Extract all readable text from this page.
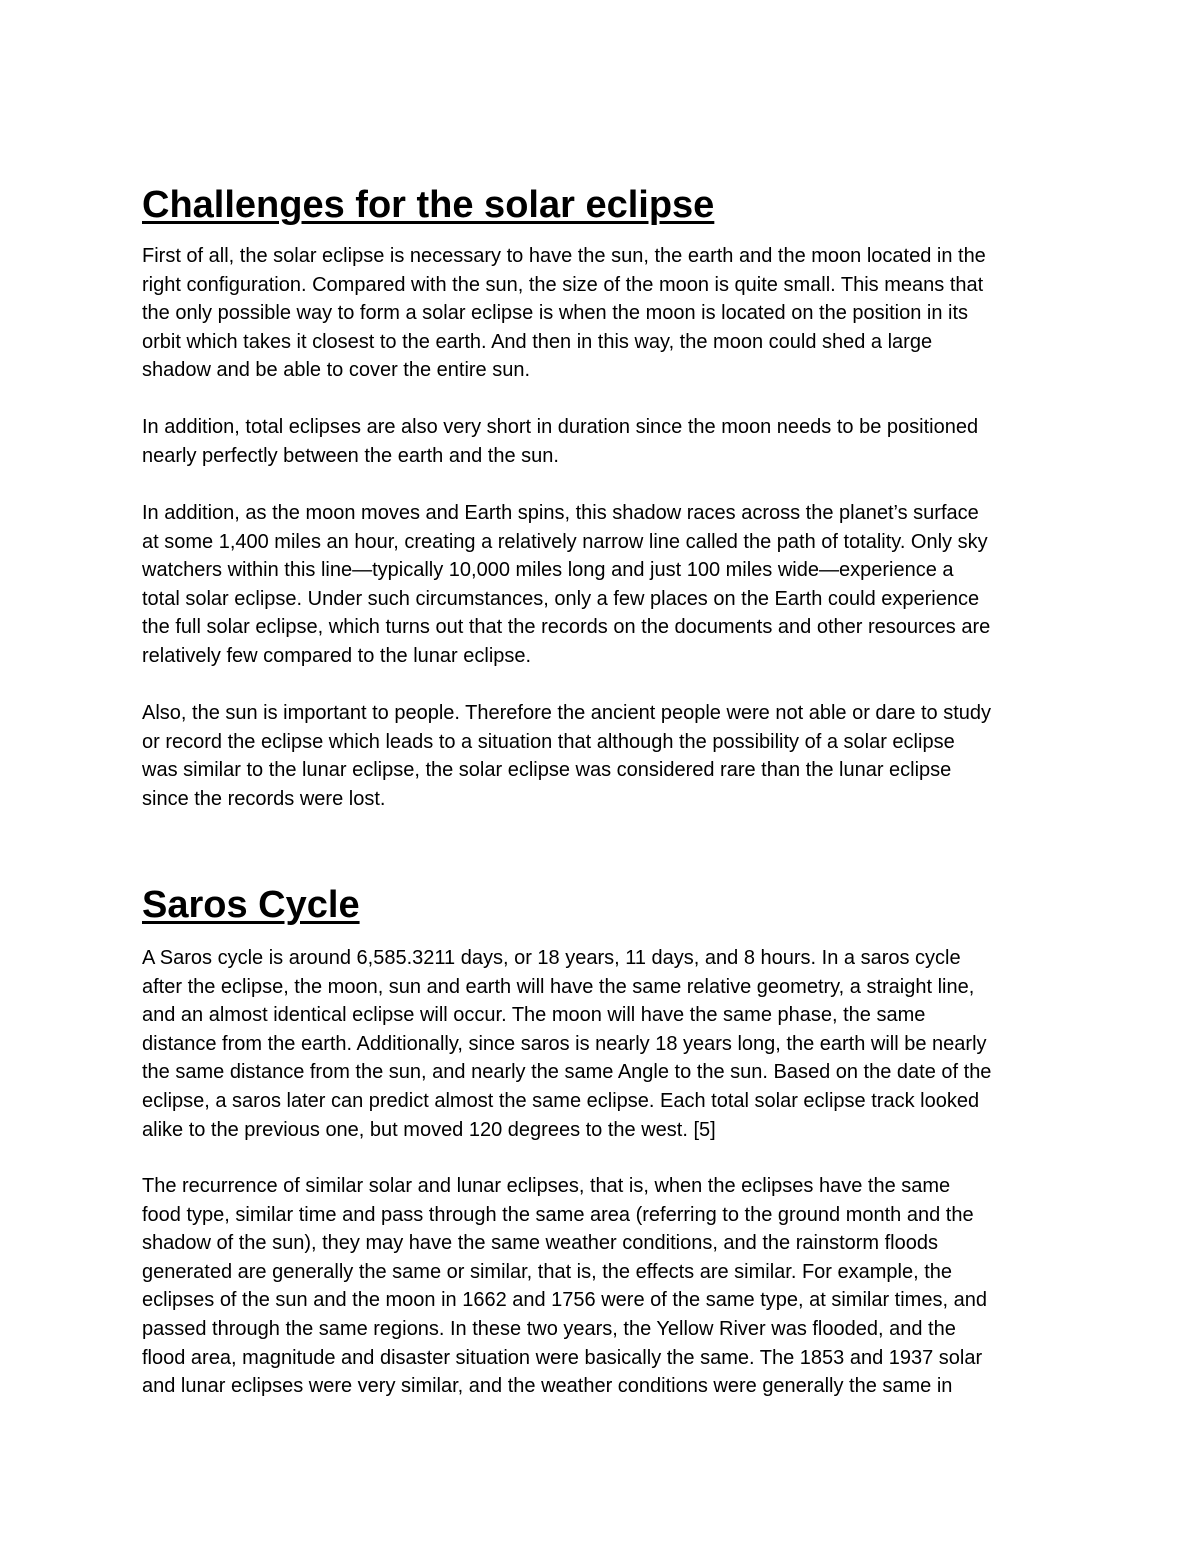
Challenges for the solar eclipse

First of all, the solar eclipse is necessary to have the sun, the earth and the moon located in the
right configuration. Compared with the sun, the size of the moon is quite small. This means that
the only possible way to form a solar eclipse is when the moon is located on the position in its
orbit which takes it closest to the earth. And then in this way, the moon could shed a large
shadow and be able to cover the entire sun.

In addition, total eclipses are also very short in duration since the moon needs to be positioned
nearly perfectly between the earth and the sun.

In addition, as the moon moves and Earth spins, this shadow races across the planet’s surface
at some 1,400 miles an hour, creating a relatively narrow line called the path of totality. Only sky
watchers within this line—typically 10,000 miles long and just 100 miles wide—experience a
total solar eclipse. Under such circumstances, only a few places on the Earth could experience
the full solar eclipse, which turns out that the records on the documents and other resources are
relatively few compared to the lunar eclipse.

Also, the sun is important to people. Therefore the ancient people were not able or dare to study
or record the eclipse which leads to a situation that although the possibility of a solar eclipse
was similar to the lunar eclipse, the solar eclipse was considered rare than the lunar eclipse
since the records were lost.

Saros Cycle

A Saros cycle is around 6,585.3211 days, or 18 years, 11 days, and 8 hours. In a saros cycle
after the eclipse, the moon, sun and earth will have the same relative geometry, a straight line,
and an almost identical eclipse will occur. The moon will have the same phase, the same
distance from the earth. Additionally, since saros is nearly 18 years long, the earth will be nearly
the same distance from the sun, and nearly the same Angle to the sun. Based on the date of the
eclipse, a saros later can predict almost the same eclipse. Each total solar eclipse track looked
alike to the previous one, but moved 120 degrees to the west. [5]

The recurrence of similar solar and lunar eclipses, that is, when the eclipses have the same
food type, similar time and pass through the same area (referring to the ground month and the
shadow of the sun), they may have the same weather conditions, and the rainstorm floods
generated are generally the same or similar, that is, the effects are similar. For example, the
eclipses of the sun and the moon in 1662 and 1756 were of the same type, at similar times, and
passed through the same regions. In these two years, the Yellow River was flooded, and the
flood area, magnitude and disaster situation were basically the same. The 1853 and 1937 solar
and lunar eclipses were very similar, and the weather conditions were generally the same in
